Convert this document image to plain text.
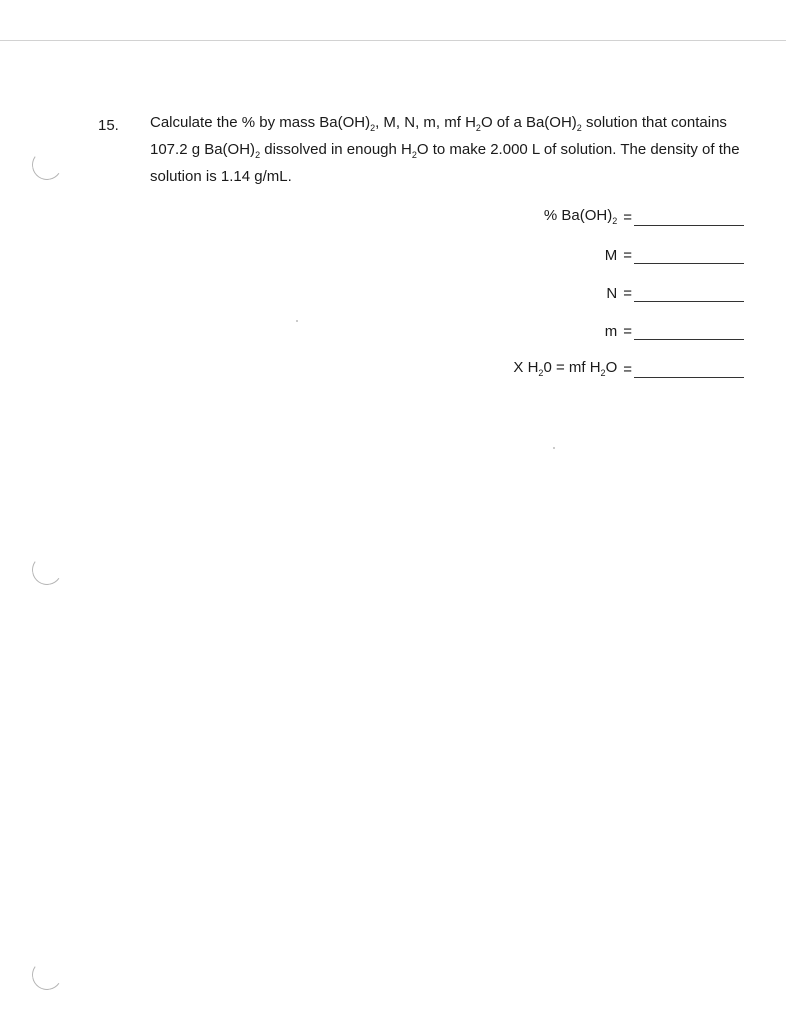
15. Calculate the % by mass $Ba(OH)_2$, M, N, m, mf $H_2O$ of a $Ba(OH)_2$ solution that contains
107.2 g $Ba(OH)_2$ dissolved in enough $H_2O$ to make 2.000 L of solution. The density of the
solution is 1.14 g/mL.
% $Ba(OH)_2$ =
M =
N =
m =
X $H_20$ = mf $H_2O$ =
